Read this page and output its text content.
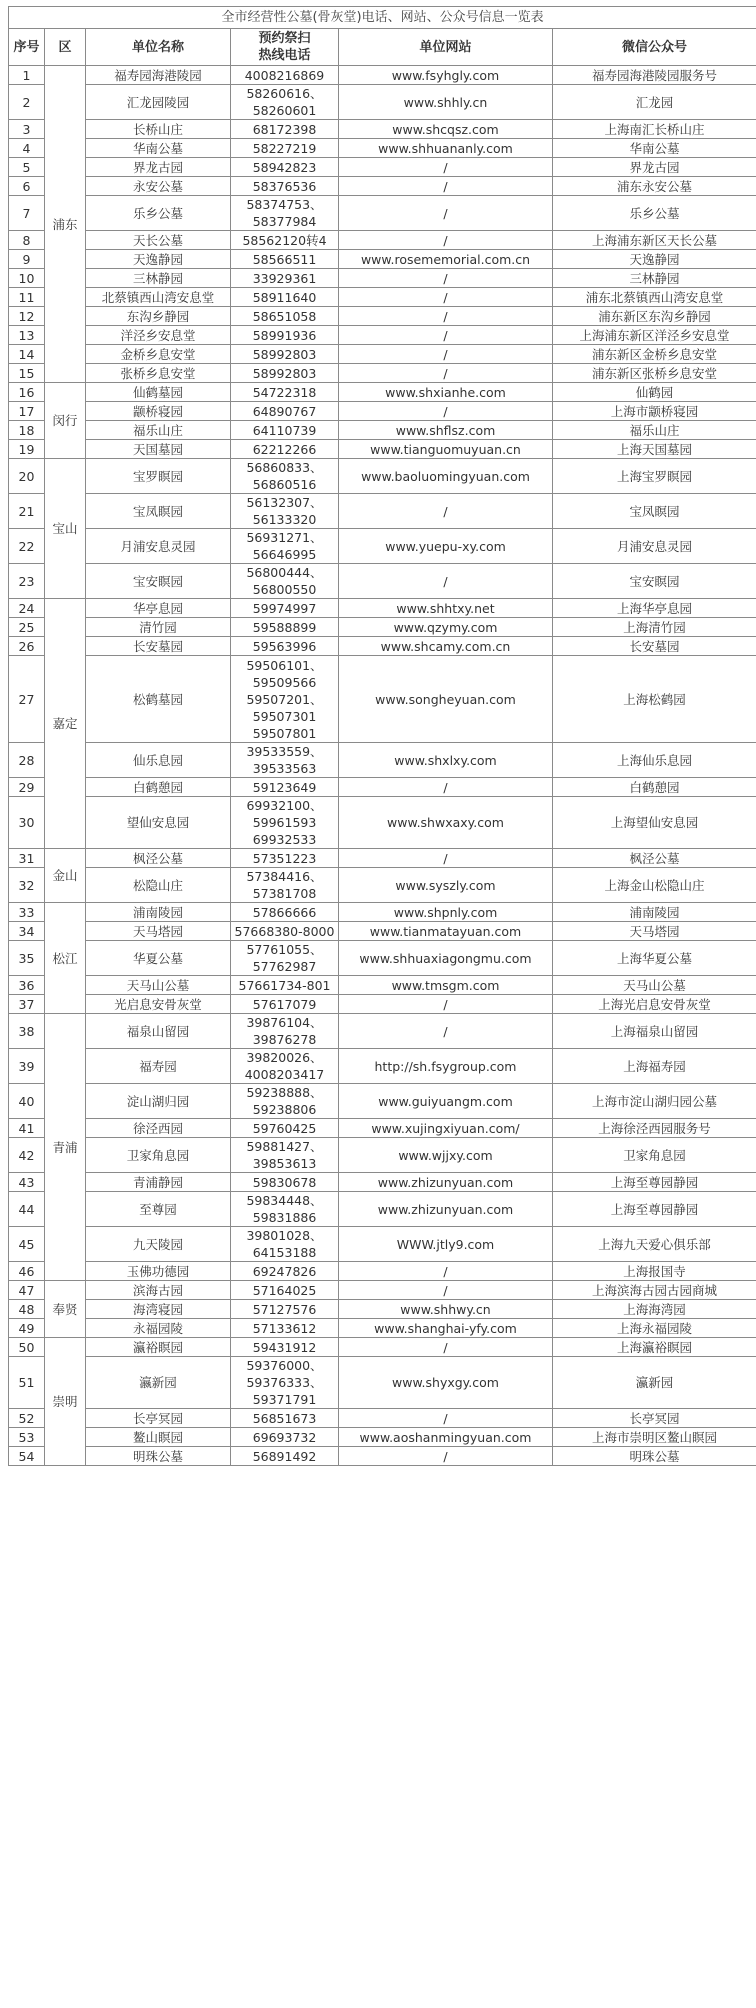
全市经营性公墓(骨灰堂)电话、网站、公众号信息一览表					
序号	区	单位名称	预约祭扫
热线电话	单位网站	微信公众号
1	浦东	福寿园海港陵园	4008216869	www.fsyhgly.com	福寿园海港陵园服务号
2		汇龙园陵园	58260616、
58260601	www.shhly.cn	汇龙园
3		长桥山庄	68172398	www.shcqsz.com	上海南汇长桥山庄
4		华南公墓	58227219	www.shhuananly.com	华南公墓
5		界龙古园	58942823	/	界龙古园
6		永安公墓	58376536	/	浦东永安公墓
7		乐乡公墓	58374753、
58377984	/	乐乡公墓
8		天长公墓	58562120转4	/	上海浦东新区天长公墓
9		天逸静园	58566511	www.rosememorial.com.cn	天逸静园
10		三林静园	33929361	/	三林静园
11		北蔡镇西山湾安息堂	58911640	/	浦东北蔡镇西山湾安息堂
12		东沟乡静园	58651058	/	浦东新区东沟乡静园
13		洋泾乡安息堂	58991936	/	上海浦东新区洋泾乡安息堂
14		金桥乡息安堂	58992803	/	浦东新区金桥乡息安堂
15		张桥乡息安堂	58992803	/	浦东新区张桥乡息安堂
16	闵行	仙鹤墓园	54722318	www.shxianhe.com	仙鹤园
17		颛桥寝园	64890767	/	上海市颛桥寝园
18		福乐山庄	64110739	www.shflsz.com	福乐山庄
19		天国墓园	62212266	www.tianguomuyuan.cn	上海天国墓园
20	宝山	宝罗瞑园	56860833、
56860516	www.baoluomingyuan.com	上海宝罗瞑园
21		宝凤瞑园	56132307、
56133320	/	宝凤瞑园
22		月浦安息灵园	56931271、
56646995	www.yuepu-xy.com	月浦安息灵园
23		宝安瞑园	56800444、
56800550	/	宝安瞑园
24	嘉定	华亭息园	59974997	www.shhtxy.net	上海华亭息园
25		清竹园	59588899	www.qzymy.com	上海清竹园
26		长安墓园	59563996	www.shcamy.com.cn	长安墓园
27		松鹤墓园	59506101、
59509566
59507201、
59507301
59507801	www.songheyuan.com	上海松鹤园
28		仙乐息园	39533559、
39533563	www.shxlxy.com	上海仙乐息园
29		白鹤憩园	59123649	/	白鹤憩园
30		望仙安息园	69932100、
59961593
69932533	www.shwxaxy.com	上海望仙安息园
31	金山	枫泾公墓	57351223	/	枫泾公墓
32		松隐山庄	57384416、
57381708	www.syszly.com	上海金山松隐山庄
33	松江	浦南陵园	57866666	www.shpnly.com	浦南陵园
34		天马塔园	57668380-8000	www.tianmatayuan.com	天马塔园
35		华夏公墓	57761055、
57762987	www.shhuaxiagongmu.com	上海华夏公墓
36		天马山公墓	57661734-801	www.tmsgm.com	天马山公墓
37		光启息安骨灰堂	57617079	/	上海光启息安骨灰堂
38	青浦	福泉山留园	39876104、
39876278	/	上海福泉山留园
39		福寿园	39820026、
4008203417	http://sh.fsygroup.com	上海福寿园
40		淀山湖归园	59238888、
59238806	www.guiyuangm.com	上海市淀山湖归园公墓
41		徐泾西园	59760425	www.xujingxiyuan.com/	上海徐泾西园服务号
42		卫家角息园	59881427、
39853613	www.wjjxy.com	卫家角息园
43		青浦静园	59830678	www.zhizunyuan.com	上海至尊园静园
44		至尊园	59834448、
59831886	www.zhizunyuan.com	上海至尊园静园
45		九天陵园	39801028、
64153188	WWW.jtly9.com	上海九天爱心俱乐部
46		玉佛功德园	69247826	/	上海报国寺
47	奉贤	滨海古园	57164025	/	上海滨海古园古园商城
48		海湾寝园	57127576	www.shhwy.cn	上海海湾园
49		永福园陵	57133612	www.shanghai-yfy.com	上海永福园陵
50	崇明	瀛裕瞑园	59431912	/	上海瀛裕瞑园
51		瀛新园	59376000、
59376333、
59371791	www.shyxgy.com	瀛新园
52		长亭冥园	56851673	/	长亭冥园
53		鳌山瞑园	69693732	www.aoshanmingyuan.com	上海市崇明区鳌山瞑园
54		明珠公墓	56891492	/	明珠公墓
